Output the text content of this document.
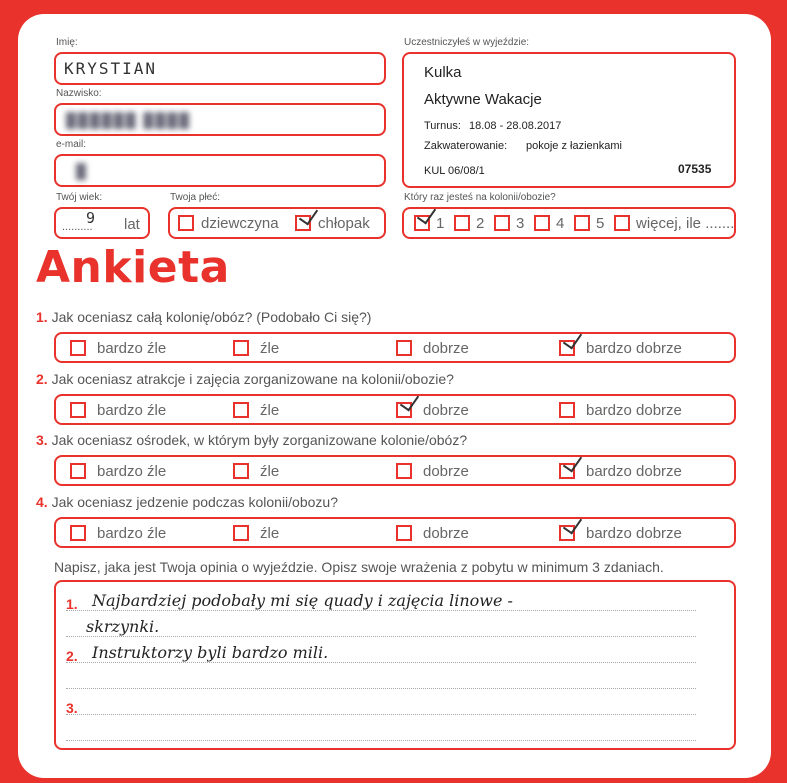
Imię:
KRYSTIAN
Nazwisko:
██████ ████
e-mail:
█
Twój wiek:
..........
9 lat
Twoja płeć:
dziewczyna	chłopak
Uczestniczyłeś w wyjeździe:
Kulka
Aktywne Wakacje
Turnus: 18.08 - 28.08.2017
Zakwaterowanie: pokoje z łazienkami
KUL 06/08/1	07535
Który raz jesteś na kolonii/obozie?
1 2 3 4 5 więcej, ile .......
Ankieta
1. Jak oceniasz całą kolonię/obóz? (Podobało Ci się?)
bardzo źle	źle	dobrze	bardzo dobrze
2. Jak oceniasz atrakcje i zajęcia zorganizowane na kolonii/obozie?
bardzo źle	źle	dobrze	bardzo dobrze
3. Jak oceniasz ośrodek, w którym były zorganizowane kolonie/obóz?
bardzo źle	źle	dobrze	bardzo dobrze
4. Jak oceniasz jedzenie podczas kolonii/obozu?
bardzo źle	źle	dobrze	bardzo dobrze
Napisz, jaka jest Twoja opinia o wyjeździe. Opisz swoje wrażenia z pobytu w minimum 3 zdaniach.
1. Najbardziej podobały mi się quady i zajęcia linowe -
skrzynki.
2. Instruktorzy byli bardzo mili.
3.
